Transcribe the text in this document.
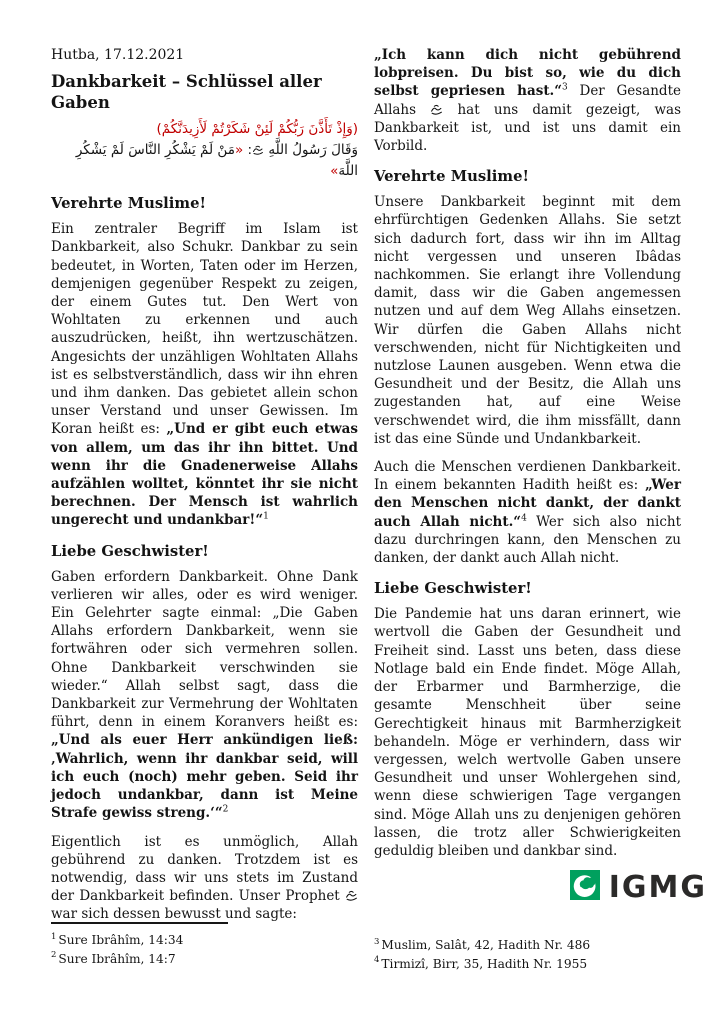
Hutba, 17.12.2021
Dankbarkeit – Schlüssel aller Gaben
(وَإِذْ تَأَذَّنَ رَبُّكُمْ لَئِنْ شَكَرْتُمْ لَأَزِيدَنَّكُمْ)
وَقَالَ رَسُولُ اللَّهِ : «مَنْ لَمْ يَشْكُرِ النَّاسَ لَمْ يَشْكُرِ اللَّهَ»
Verehrte Muslime!

Ein zentraler Begriff im Islam ist Dankbarkeit, also Schukr. Dankbar zu sein bedeutet, in Worten, Taten oder im Herzen, demjenigen gegenüber Respekt zu zeigen, der einem Gutes tut. Den Wert von Wohltaten zu erkennen und auch auszudrücken, heißt, ihn wertzuschätzen. Angesichts der unzähligen Wohltaten Allahs ist es selbstverständlich, dass wir ihn ehren und ihm danken. Das gebietet allein schon unser Verstand und unser Gewissen. Im Koran heißt es: „Und er gibt euch etwas von allem, um das ihr ihn bittet. Und wenn ihr die Gnadenerweise Allahs aufzählen wolltet, könntet ihr sie nicht berechnen. Der Mensch ist wahrlich ungerecht und undankbar!“$^1$

Liebe Geschwister!

Gaben erfordern Dankbarkeit. Ohne Dank verlieren wir alles, oder es wird weniger. Ein Gelehrter sagte einmal: „Die Gaben Allahs erfordern Dankbarkeit, wenn sie fortwähren oder sich vermehren sollen. Ohne Dankbarkeit verschwinden sie wieder.“ Allah selbst sagt, dass die Dankbarkeit zur Vermehrung der Wohltaten führt, denn in einem Koranvers heißt es: „Und als euer Herr ankündigen ließ: ‚Wahrlich, wenn ihr dankbar seid, will ich euch (noch) mehr geben. Seid ihr jedoch undankbar, dann ist Meine Strafe gewiss streng.‘“$^2$

Eigentlich ist es unmöglich, Allah gebührend zu danken. Trotzdem ist es notwendig, dass wir uns stets im Zustand der Dankbarkeit befinden. Unser Prophet  war sich dessen bewusst und sagte:

„Ich kann dich nicht gebührend lobpreisen. Du bist so, wie du dich selbst gepriesen hast.“$^3$ Der Gesandte Allahs  hat uns damit gezeigt, was Dankbarkeit ist, und ist uns damit ein Vorbild.

Verehrte Muslime!

Unsere Dankbarkeit beginnt mit dem ehrfürchtigen Gedenken Allahs. Sie setzt sich dadurch fort, dass wir ihn im Alltag nicht vergessen und unseren Ibâdas nachkommen. Sie erlangt ihre Vollendung damit, dass wir die Gaben angemessen nutzen und auf dem Weg Allahs einsetzen. Wir dürfen die Gaben Allahs nicht verschwenden, nicht für Nichtigkeiten und nutzlose Launen ausgeben. Wenn etwa die Gesundheit und der Besitz, die Allah uns zugestanden hat, auf eine Weise verschwendet wird, die ihm missfällt, dann ist das eine Sünde und Undankbarkeit.

Auch die Menschen verdienen Dankbarkeit. In einem bekannten Hadith heißt es: „Wer den Menschen nicht dankt, der dankt auch Allah nicht.“$^4$ Wer sich also nicht dazu durchringen kann, den Menschen zu danken, der dankt auch Allah nicht.

Liebe Geschwister!

Die Pandemie hat uns daran erinnert, wie wertvoll die Gaben der Gesundheit und Freiheit sind. Lasst uns beten, dass diese Notlage bald ein Ende findet. Möge Allah, der Erbarmer und Barmherzige, die gesamte Menschheit über seine Gerechtigkeit hinaus mit Barmherzigkeit behandeln. Möge er verhindern, dass wir vergessen, welch wertvolle Gaben unsere Gesundheit und unser Wohlergehen sind, wenn diese schwierigen Tage vergangen sind. Möge Allah uns zu denjenigen gehören lassen, die trotz aller Schwierigkeiten geduldig bleiben und dankbar sind.

IGMG
$^1$ Sure Ibrâhîm, 14:34
$^2$ Sure Ibrâhîm, 14:7
$^3$ Muslim, Salât, 42, Hadith Nr. 486
$^4$ Tirmizî, Birr, 35, Hadith Nr. 1955
